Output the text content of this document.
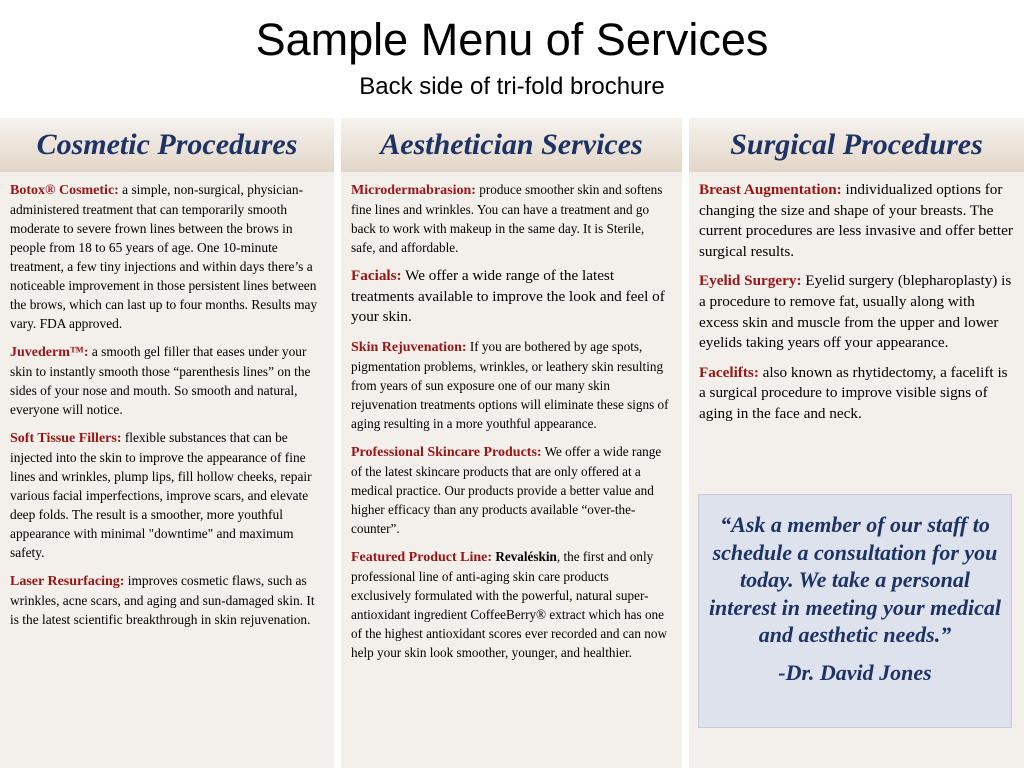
Sample Menu of Services
Back side of tri-fold brochure
Cosmetic Procedures

Botox® Cosmetic: a simple, non-surgical, physician-administered treatment that can temporarily smooth moderate to severe frown lines between the brows in people from 18 to 65 years of age. One 10-minute treatment, a few tiny injections and within days there’s a noticeable improvement in those persistent lines between the brows, which can last up to four months. Results may vary. FDA approved.

Juvederm™: a smooth gel filler that eases under your skin to instantly smooth those “parenthesis lines” on the sides of your nose and mouth. So smooth and natural, everyone will notice.

Soft Tissue Fillers: flexible substances that can be injected into the skin to improve the appearance of fine lines and wrinkles, plump lips, fill hollow cheeks, repair various facial imperfections, improve scars, and elevate deep folds. The result is a smoother, more youthful appearance with minimal "downtime" and maximum safety.

Laser Resurfacing: improves cosmetic flaws, such as wrinkles, acne scars, and aging and sun-damaged skin. It is the latest scientific breakthrough in skin rejuvenation.

Aesthetician Services

Microdermabrasion: produce smoother skin and softens fine lines and wrinkles. You can have a treatment and go back to work with makeup in the same day. It is Sterile, safe, and affordable.

Facials: We offer a wide range of the latest treatments available to improve the look and feel of your skin.

Skin Rejuvenation: If you are bothered by age spots, pigmentation problems, wrinkles, or leathery skin resulting from years of sun exposure one of our many skin rejuvenation treatments options will eliminate these signs of aging resulting in a more youthful appearance.

Professional Skincare Products: We offer a wide range of the latest skincare products that are only offered at a medical practice. Our products provide a better value and higher efficacy than any products available “over-the-counter”.

Featured Product Line: Revaléskin, the first and only professional line of anti-aging skin care products exclusively formulated with the powerful, natural super-antioxidant ingredient CoffeeBerry® extract which has one of the highest antioxidant scores ever recorded and can now help your skin look smoother, younger, and healthier.

Surgical Procedures

Breast Augmentation: individualized options for changing the size and shape of your breasts. The current procedures are less invasive and offer better surgical results.

Eyelid Surgery: Eyelid surgery (blepharoplasty) is a procedure to remove fat, usually along with excess skin and muscle from the upper and lower eyelids taking years off your appearance.

Facelifts: also known as rhytidectomy, a facelift is a surgical procedure to improve visible signs of aging in the face and neck.

“Ask a member of our staff to schedule a consultation for you today. We take a personal interest in meeting your medical and aesthetic needs.”
-Dr. David Jones
